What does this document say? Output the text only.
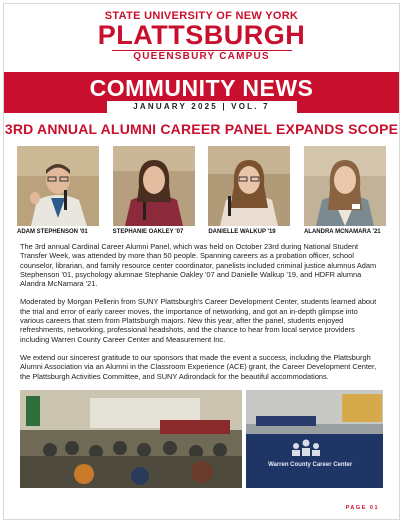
STATE UNIVERSITY OF NEW YORK
PLATTSBURGH
QUEENSBURY CAMPUS
COMMUNITY NEWS
JANUARY 2025 | VOL. 7
3RD ANNUAL ALUMNI CAREER PANEL EXPANDS SCOPE
ADAM STEPHENSON '01	STEPHANIE OAKLEY '07	DANIELLE WALKUP '19	ALANDRA MCNAMARA '21

The 3rd annual Cardinal Career Alumni Panel, which was held on October 23rd during National Student Transfer Week, was attended by more than 50 people. Spanning careers as a probation officer, school counselor, librarian, and family resource center coordinator, panelists included criminal justice alumnus Adam Stephenson '01, psychology alumnae Stephanie Oakley '07 and Danielle Walkup '19, and HDFR alumna Alandra McNamara '21.

Moderated by Morgan Pellerin from SUNY Plattsburgh's Career Development Center, students learned about the trial and error of early career moves, the importance of networking, and got an in-depth glimpse into various careers that stem from Plattsburgh majors. New this year, after the panel, students enjoyed refreshments, networking, professional headshots, and the chance to hear from local service providers including Warren County Career Center and Measurement Inc.

We extend our sincerest gratitude to our sponsors that made the event a success, including the Plattsburgh Alumni Association via an Alumni in the Classroom Experience (ACE) grant, the Career Development Center, the Plattsburgh Activities Committee, and SUNY Adirondack for the beautiful accommodations.

Warren County Career Center
PAGE 01
